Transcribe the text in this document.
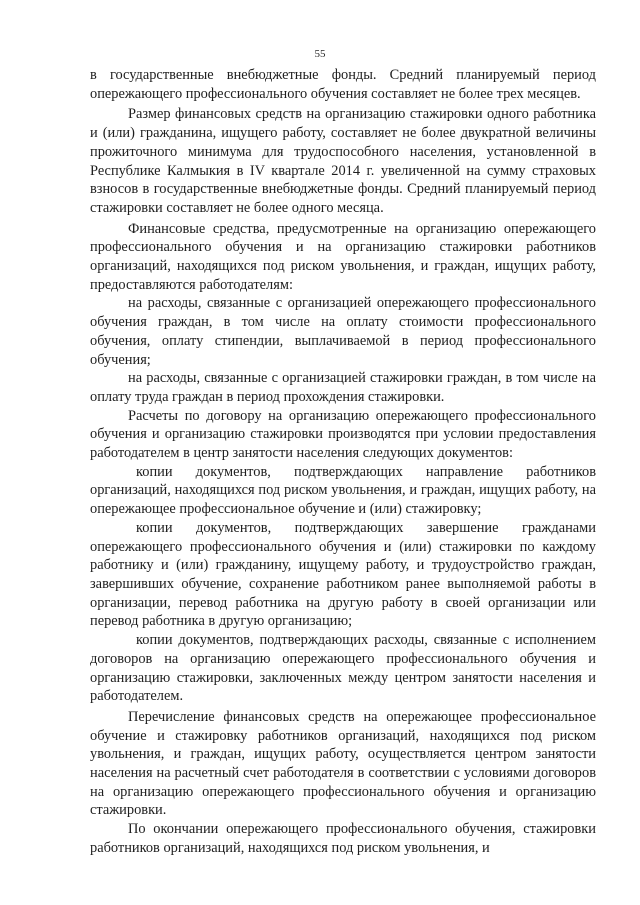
55

в государственные внебюджетные фонды. Средний планируемый период опережающего профессионального обучения составляет не более трех месяцев.

Размер финансовых средств на организацию стажировки одного работника и (или) гражданина, ищущего работу, составляет не более двукратной величины прожиточного минимума для трудоспособного населения, установленной в Республике Калмыкия в IV квартале 2014 г. увеличенной на сумму страховых взносов в государственные внебюджетные фонды. Средний планируемый период стажировки составляет не более одного месяца.

Финансовые средства, предусмотренные на организацию опережающего профессионального обучения и на организацию стажировки работников организаций, находящихся под риском увольнения, и граждан, ищущих работу, предоставляются работодателям:

на расходы, связанные с организацией опережающего профессионального обучения граждан, в том числе на оплату стоимости профессионального обучения, оплату стипендии, выплачиваемой в период профессионального обучения;

на расходы, связанные с организацией стажировки граждан, в том числе на оплату труда граждан в период прохождения стажировки.

Расчеты по договору на организацию опережающего профессионального обучения и организацию стажировки производятся при условии предоставления работодателем в центр занятости населения следующих документов:

копии документов, подтверждающих направление работников организаций, находящихся под риском увольнения, и граждан, ищущих работу, на опережающее профессиональное обучение и (или) стажировку;

копии документов, подтверждающих завершение гражданами опережающего профессионального обучения и (или) стажировки по каждому работнику и (или) гражданину, ищущему работу, и трудоустройство граждан, завершивших обучение, сохранение работником ранее выполняемой работы в организации, перевод работника на другую работу в своей организации или перевод работника в другую организацию;

копии документов, подтверждающих расходы, связанные с исполнением договоров на организацию опережающего профессионального обучения и организацию стажировки, заключенных между центром занятости населения и работодателем.

Перечисление финансовых средств на опережающее профессиональное обучение и стажировку работников организаций, находящихся под риском увольнения, и граждан, ищущих работу, осуществляется центром занятости населения на расчетный счет работодателя в соответствии с условиями договоров на организацию опережающего профессионального обучения и организацию стажировки.

По окончании опережающего профессионального обучения, стажировки работников организаций, находящихся под риском увольнения, и
